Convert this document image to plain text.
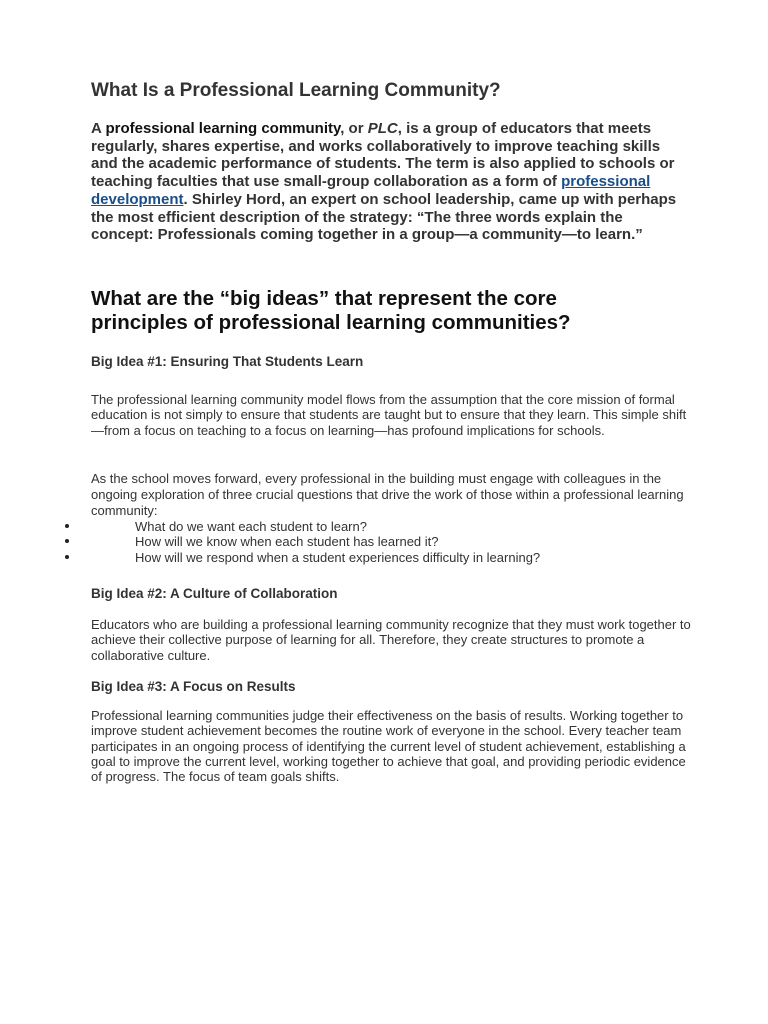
What Is a Professional Learning Community?

A professional learning community, or PLC, is a group of educators that meets regularly, shares expertise, and works collaboratively to improve teaching skills and the academic performance of students. The term is also applied to schools or teaching faculties that use small-group collaboration as a form of professional development. Shirley Hord, an expert on school leadership, came up with perhaps the most efficient description of the strategy: “The three words explain the concept: Professionals coming together in a group—a community—to learn.”

What are the “big ideas” that represent the core principles of professional learning communities?
Big Idea #1: Ensuring That Students Learn

The professional learning community model flows from the assumption that the core mission of formal education is not simply to ensure that students are taught but to ensure that they learn. This simple shift—from a focus on teaching to a focus on learning—has profound implications for schools.

As the school moves forward, every professional in the building must engage with colleagues in the ongoing exploration of three crucial questions that drive the work of those within a professional learning community:

What do we want each student to learn?
How will we know when each student has learned it?
How will we respond when a student experiences difficulty in learning?
Big Idea #2: A Culture of Collaboration

Educators who are building a professional learning community recognize that they must work together to achieve their collective purpose of learning for all. Therefore, they create structures to promote a collaborative culture.

Big Idea #3: A Focus on Results

Professional learning communities judge their effectiveness on the basis of results. Working together to improve student achievement becomes the routine work of everyone in the school. Every teacher team participates in an ongoing process of identifying the current level of student achievement, establishing a goal to improve the current level, working together to achieve that goal, and providing periodic evidence of progress. The focus of team goals shifts.
